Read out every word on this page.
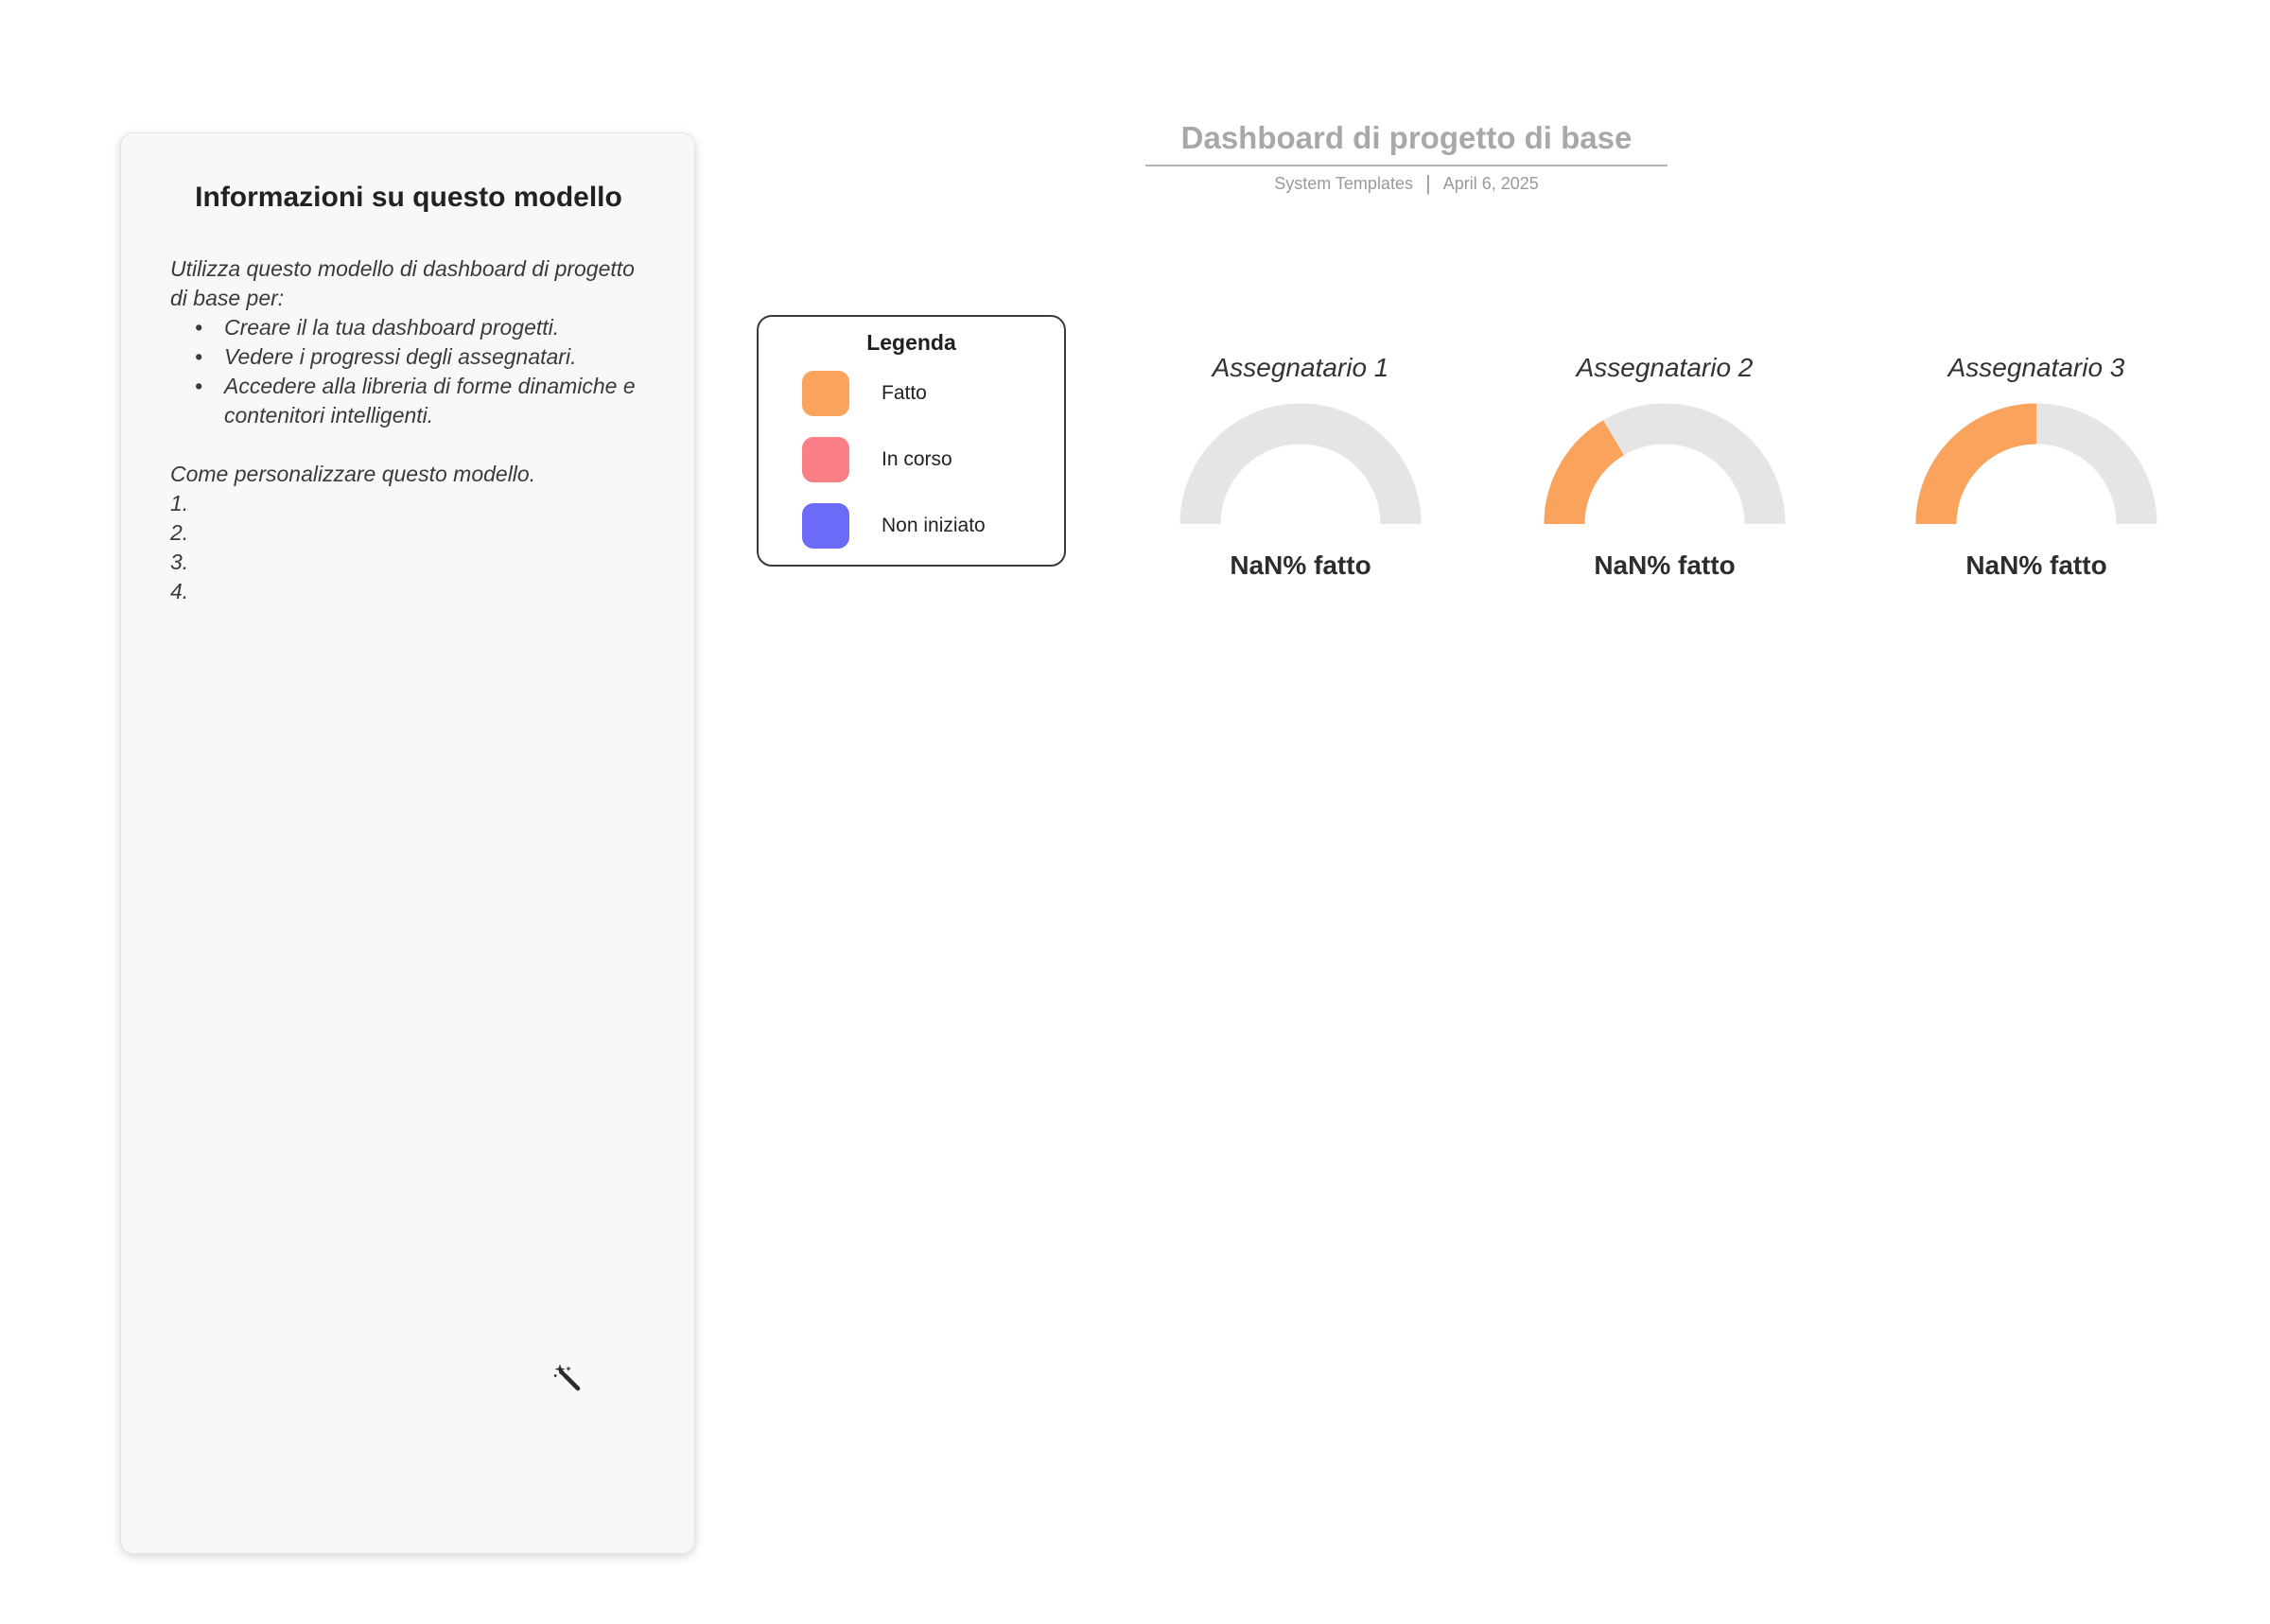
Informazioni su questo modello
Utilizza questo modello di dashboard di progetto di base per:
• Creare il la tua dashboard progetti.
• Vedere i progressi degli assegnatari.
• Accedere alla libreria di forme dinamiche e contenitori intelligenti.
Come personalizzare questo modello.
1.
2.
3.
4.
Dashboard di progetto di base
System Templates | April 6, 2025
Legenda
Fatto
In corso
Non iniziato
Assegnatario 1
NaN% fatto
Assegnatario 2
NaN% fatto
Assegnatario 3
NaN% fatto
